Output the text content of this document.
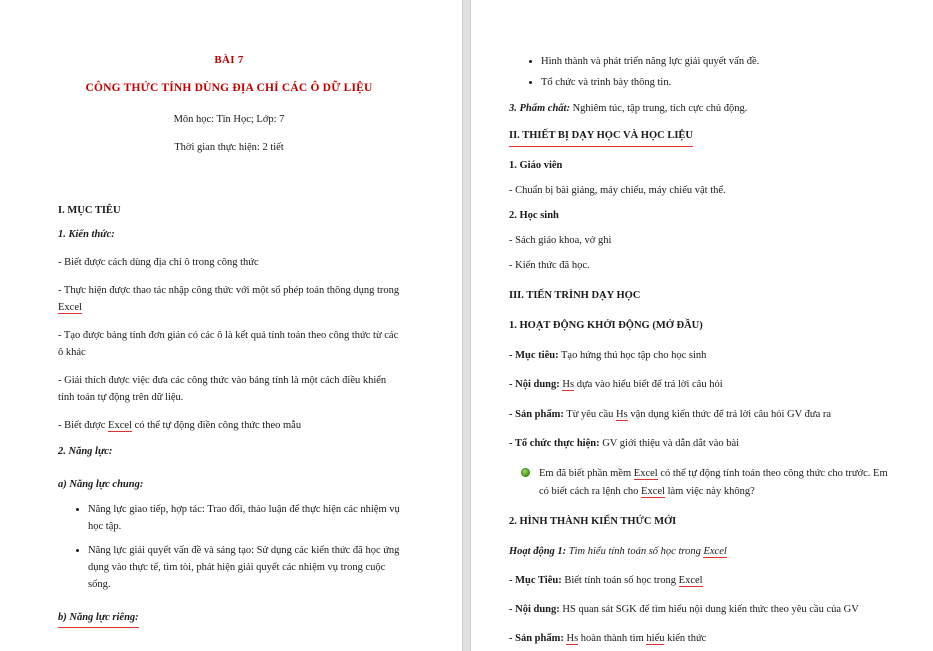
BÀI 7
CÔNG THỨC TÍNH DÙNG ĐỊA CHỈ CÁC Ô DỮ LIỆU
Môn học: Tin Học; Lớp: 7
Thời gian thực hiện: 2 tiết
I. MỤC TIÊU
1. Kiến thức:
- Biết được cách dùng địa chỉ ô trong công thức
- Thực hiện được thao tác nhập công thức với một số phép toán thông dụng trong Excel
- Tạo được bảng tính đơn giản có các ô là kết quả tính toán theo công thức từ các ô khác
- Giải thích được việc đưa các công thức vào bảng tính là một cách điều khiển tính toán tự động trên dữ liệu.
- Biết được Excel có thể tự động điền công thức theo mẫu
2. Năng lực:
a) Năng lực chung:
• Năng lực giao tiếp, hợp tác: Trao đổi, thảo luận để thực hiện các nhiệm vụ học tập.
• Năng lực giải quyết vấn đề và sáng tạo: Sử dụng các kiến thức đã học ứng dụng vào thực tế, tìm tòi, phát hiện giải quyết các nhiệm vụ trong cuộc sống.
b) Năng lực riêng:
• Hình thành và phát triển năng lực giải quyết vấn đề.
• Tổ chức và trình bày thông tin.
3. Phẩm chất: Nghiêm túc, tập trung, tích cực chủ động.
II. THIẾT BỊ DẠY HỌC VÀ HỌC LIỆU
1. Giáo viên
- Chuẩn bị bài giảng, máy chiếu, máy chiếu vật thể.
2. Học sinh
- Sách giáo khoa, vở ghi
- Kiến thức đã học.
III. TIẾN TRÌNH DẠY HỌC
1. HOẠT ĐỘNG KHỞI ĐỘNG (MỞ ĐẦU)
- Mục tiêu: Tạo hứng thú học tập cho học sinh
- Nội dung: Hs dựa vào hiểu biết để trả lời câu hỏi
- Sản phẩm: Từ yêu cầu Hs vận dụng kiến thức để trả lời câu hỏi GV đưa ra
- Tổ chức thực hiện: GV giới thiệu và dẫn dắt vào bài
Em đã biết phần mềm Excel có thể tự động tính toán theo công thức cho trước. Em có biết cách ra lệnh cho Excel làm việc này không?
2. HÌNH THÀNH KIẾN THỨC MỚI
Hoạt động 1: Tìm hiểu tính toán số học trong Excel
- Mục Tiêu: Biết tính toán số học trong Excel
- Nội dung: HS quan sát SGK để tìm hiểu nội dung kiến thức theo yêu cầu của GV
- Sản phẩm: Hs hoàn thành tìm hiểu kiến thức
